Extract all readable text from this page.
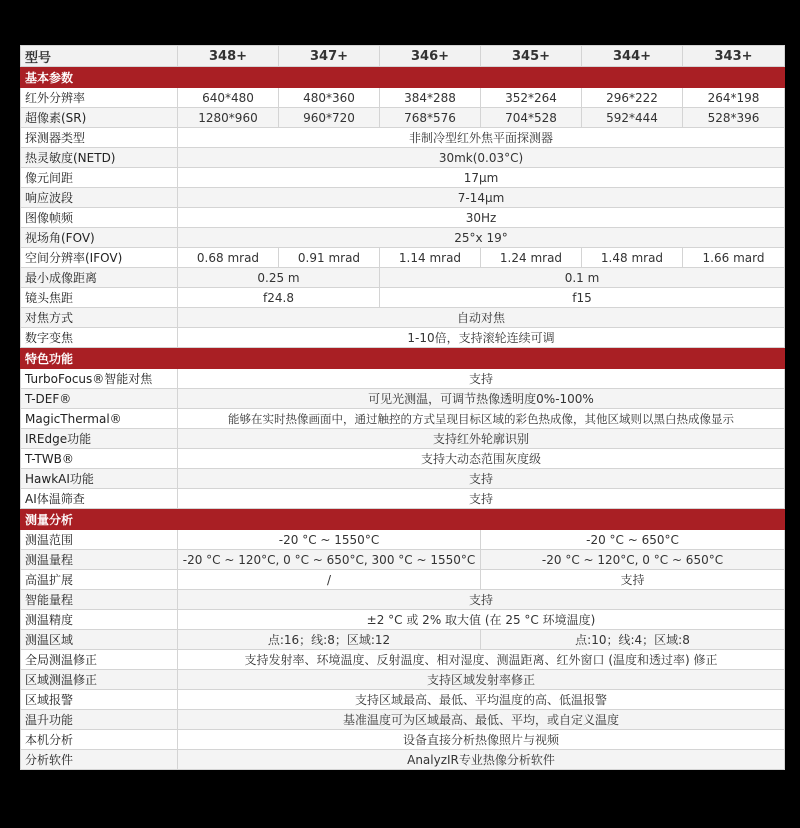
型号	348+	347+	346+	345+	344+	343+
基本参数						
红外分辨率	640*480	480*360	384*288	352*264	296*222	264*198
超像素(SR)	1280*960	960*720	768*576	704*528	592*444	528*396
探测器类型	非制冷型红外焦平面探测器					
热灵敏度(NETD)	30mk(0.03°C)					
像元间距	17μm					
响应波段	7-14μm					
图像帧频	30Hz					
视场角(FOV)	25°x 19°					
空间分辨率(IFOV)	0.68 mrad	0.91 mrad	1.14 mrad	1.24 mrad	1.48 mrad	1.66 mard
最小成像距离	0.25 m		0.1 m			
镜头焦距	f24.8		f15			
对焦方式	自动对焦					
数字变焦	1-10倍，支持滚轮连续可调					
特色功能						
TurboFocus®智能对焦	支持					
T-DEF®	可见光测温，可调节热像透明度0%-100%					
MagicThermal®	能够在实时热像画面中，通过触控的方式呈现目标区域的彩色热成像，其他区域则以黑白热成像显示					
IREdge功能	支持红外轮廓识别					
T-TWB®	支持大动态范围灰度级					
HawkAI功能	支持					
AI体温筛查	支持					
测量分析						
测温范围	-20 °C ~ 1550°C			-20 °C ~ 650°C		
测温量程	-20 °C ~ 120°C, 0 °C ~ 650°C, 300 °C ~ 1550°C			-20 °C ~ 120°C, 0 °C ~ 650°C		
高温扩展	/			支持		
智能量程	支持					
测温精度	±2 °C 或 2% 取大值 (在 25 °C 环境温度)					
测温区域	点:16；线:8；区域:12			点:10；线:4；区域:8		
全局测温修正	支持发射率、环境温度、反射温度、相对湿度、测温距离、红外窗口 (温度和透过率) 修正					
区域测温修正	支持区域发射率修正					
区域报警	支持区域最高、最低、平均温度的高、低温报警					
温升功能	基准温度可为区域最高、最低、平均，或自定义温度					
本机分析	设备直接分析热像照片与视频					
分析软件	AnalyzIR专业热像分析软件					
